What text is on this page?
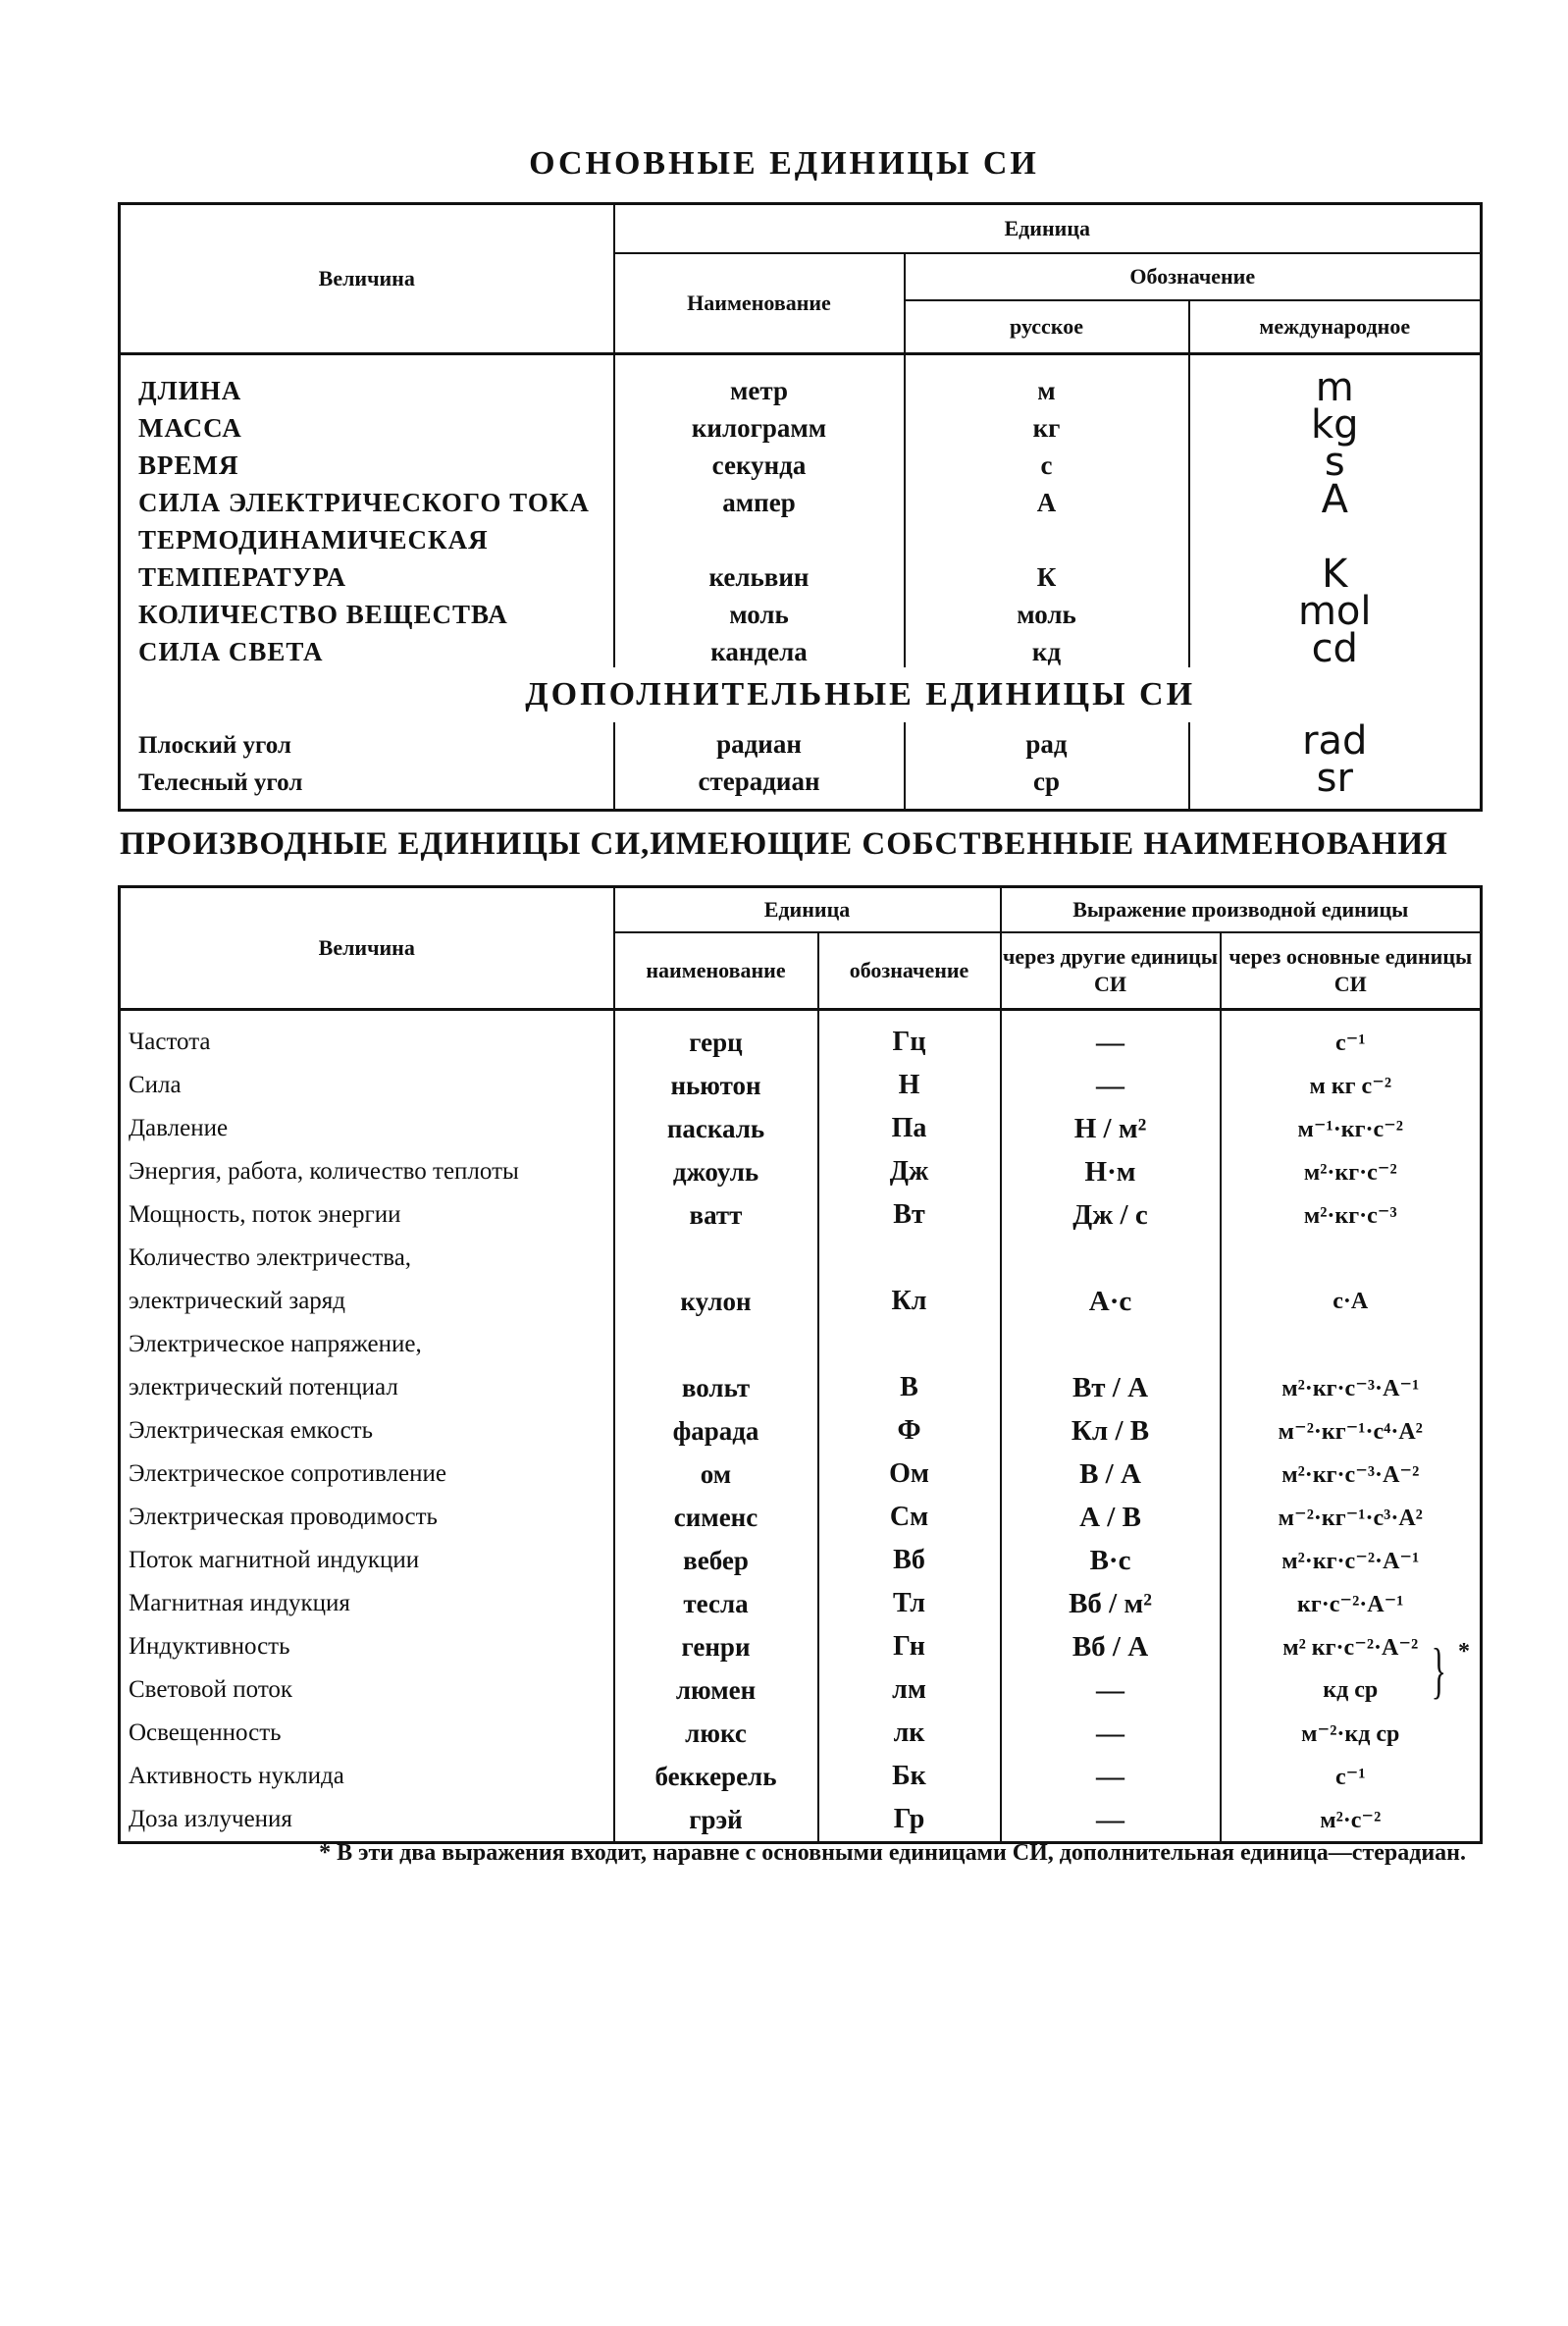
ОСНОВНЫЕ ЕДИНИЦЫ СИ
Величина	Единица		
	Наименование	Обозначение	
		русское	международное
ДЛИНА	метр	м	m
МАССА	килограмм	кг	kg
ВРЕМЯ	секунда	с	s
СИЛА ЭЛЕКТРИЧЕСКОГО ТОКА	ампер	А	A
ТЕРМОДИНАМИЧЕСКАЯ			
ТЕМПЕРАТУРА	кельвин	К	K
КОЛИЧЕСТВО ВЕЩЕСТВА	моль	моль	mol
СИЛА СВЕТА	кандела	кд	cd
ДОПОЛНИТЕЛЬНЫЕ ЕДИНИЦЫ СИ			
Плоский угол	радиан	рад	rad
Телесный угол	стерадиан	ср	sr
ПРОИЗВОДНЫЕ ЕДИНИЦЫ СИ,ИМЕЮЩИЕ СОБСТВЕННЫЕ НАИМЕНОВАНИЯ
Величина	Единица		Выражение производной единицы	
	наименование	обозначение	через другие единицы СИ	через основные единицы СИ
Частота	герц	Гц	—	с⁻¹
Сила	ньютон	Н	—	м кг с⁻²
Давление	паскаль	Па	Н / м²	м⁻¹·кг·с⁻²
Энергия, работа, количество теплоты	джоуль	Дж	Н·м	м²·кг·с⁻²
Мощность, поток энергии	ватт	Вт	Дж / с	м²·кг·с⁻³
Количество электричества,				
электрический заряд	кулон	Кл	А·с	с·А
Электрическое напряжение,				
электрический потенциал	вольт	В	Вт / А	м²·кг·с⁻³·А⁻¹
Электрическая емкость	фарада	Ф	Кл / В	м⁻²·кг⁻¹·с⁴·А²
Электрическое сопротивление	ом	Ом	В / А	м²·кг·с⁻³·А⁻²
Электрическая проводимость	сименс	См	А / В	м⁻²·кг⁻¹·с³·А²
Поток магнитной индукции	вебер	Вб	В·с	м²·кг·с⁻²·А⁻¹
Магнитная индукция	тесла	Тл	Вб / м²	кг·с⁻²·А⁻¹
Индуктивность	генри	Гн	Вб / А	м² кг·с⁻²·А⁻²
Световой поток	люмен	лм	—	кд ср } *

Освещенность	люкс	лк	—	м⁻²·кд ср
Активность нуклида	беккерель	Бк	—	с⁻¹
Доза излучения	грэй	Гр	—	м²·с⁻²
* В эти два выражения входит, наравне с основными единицами СИ, дополнительная единица—стерадиан.
